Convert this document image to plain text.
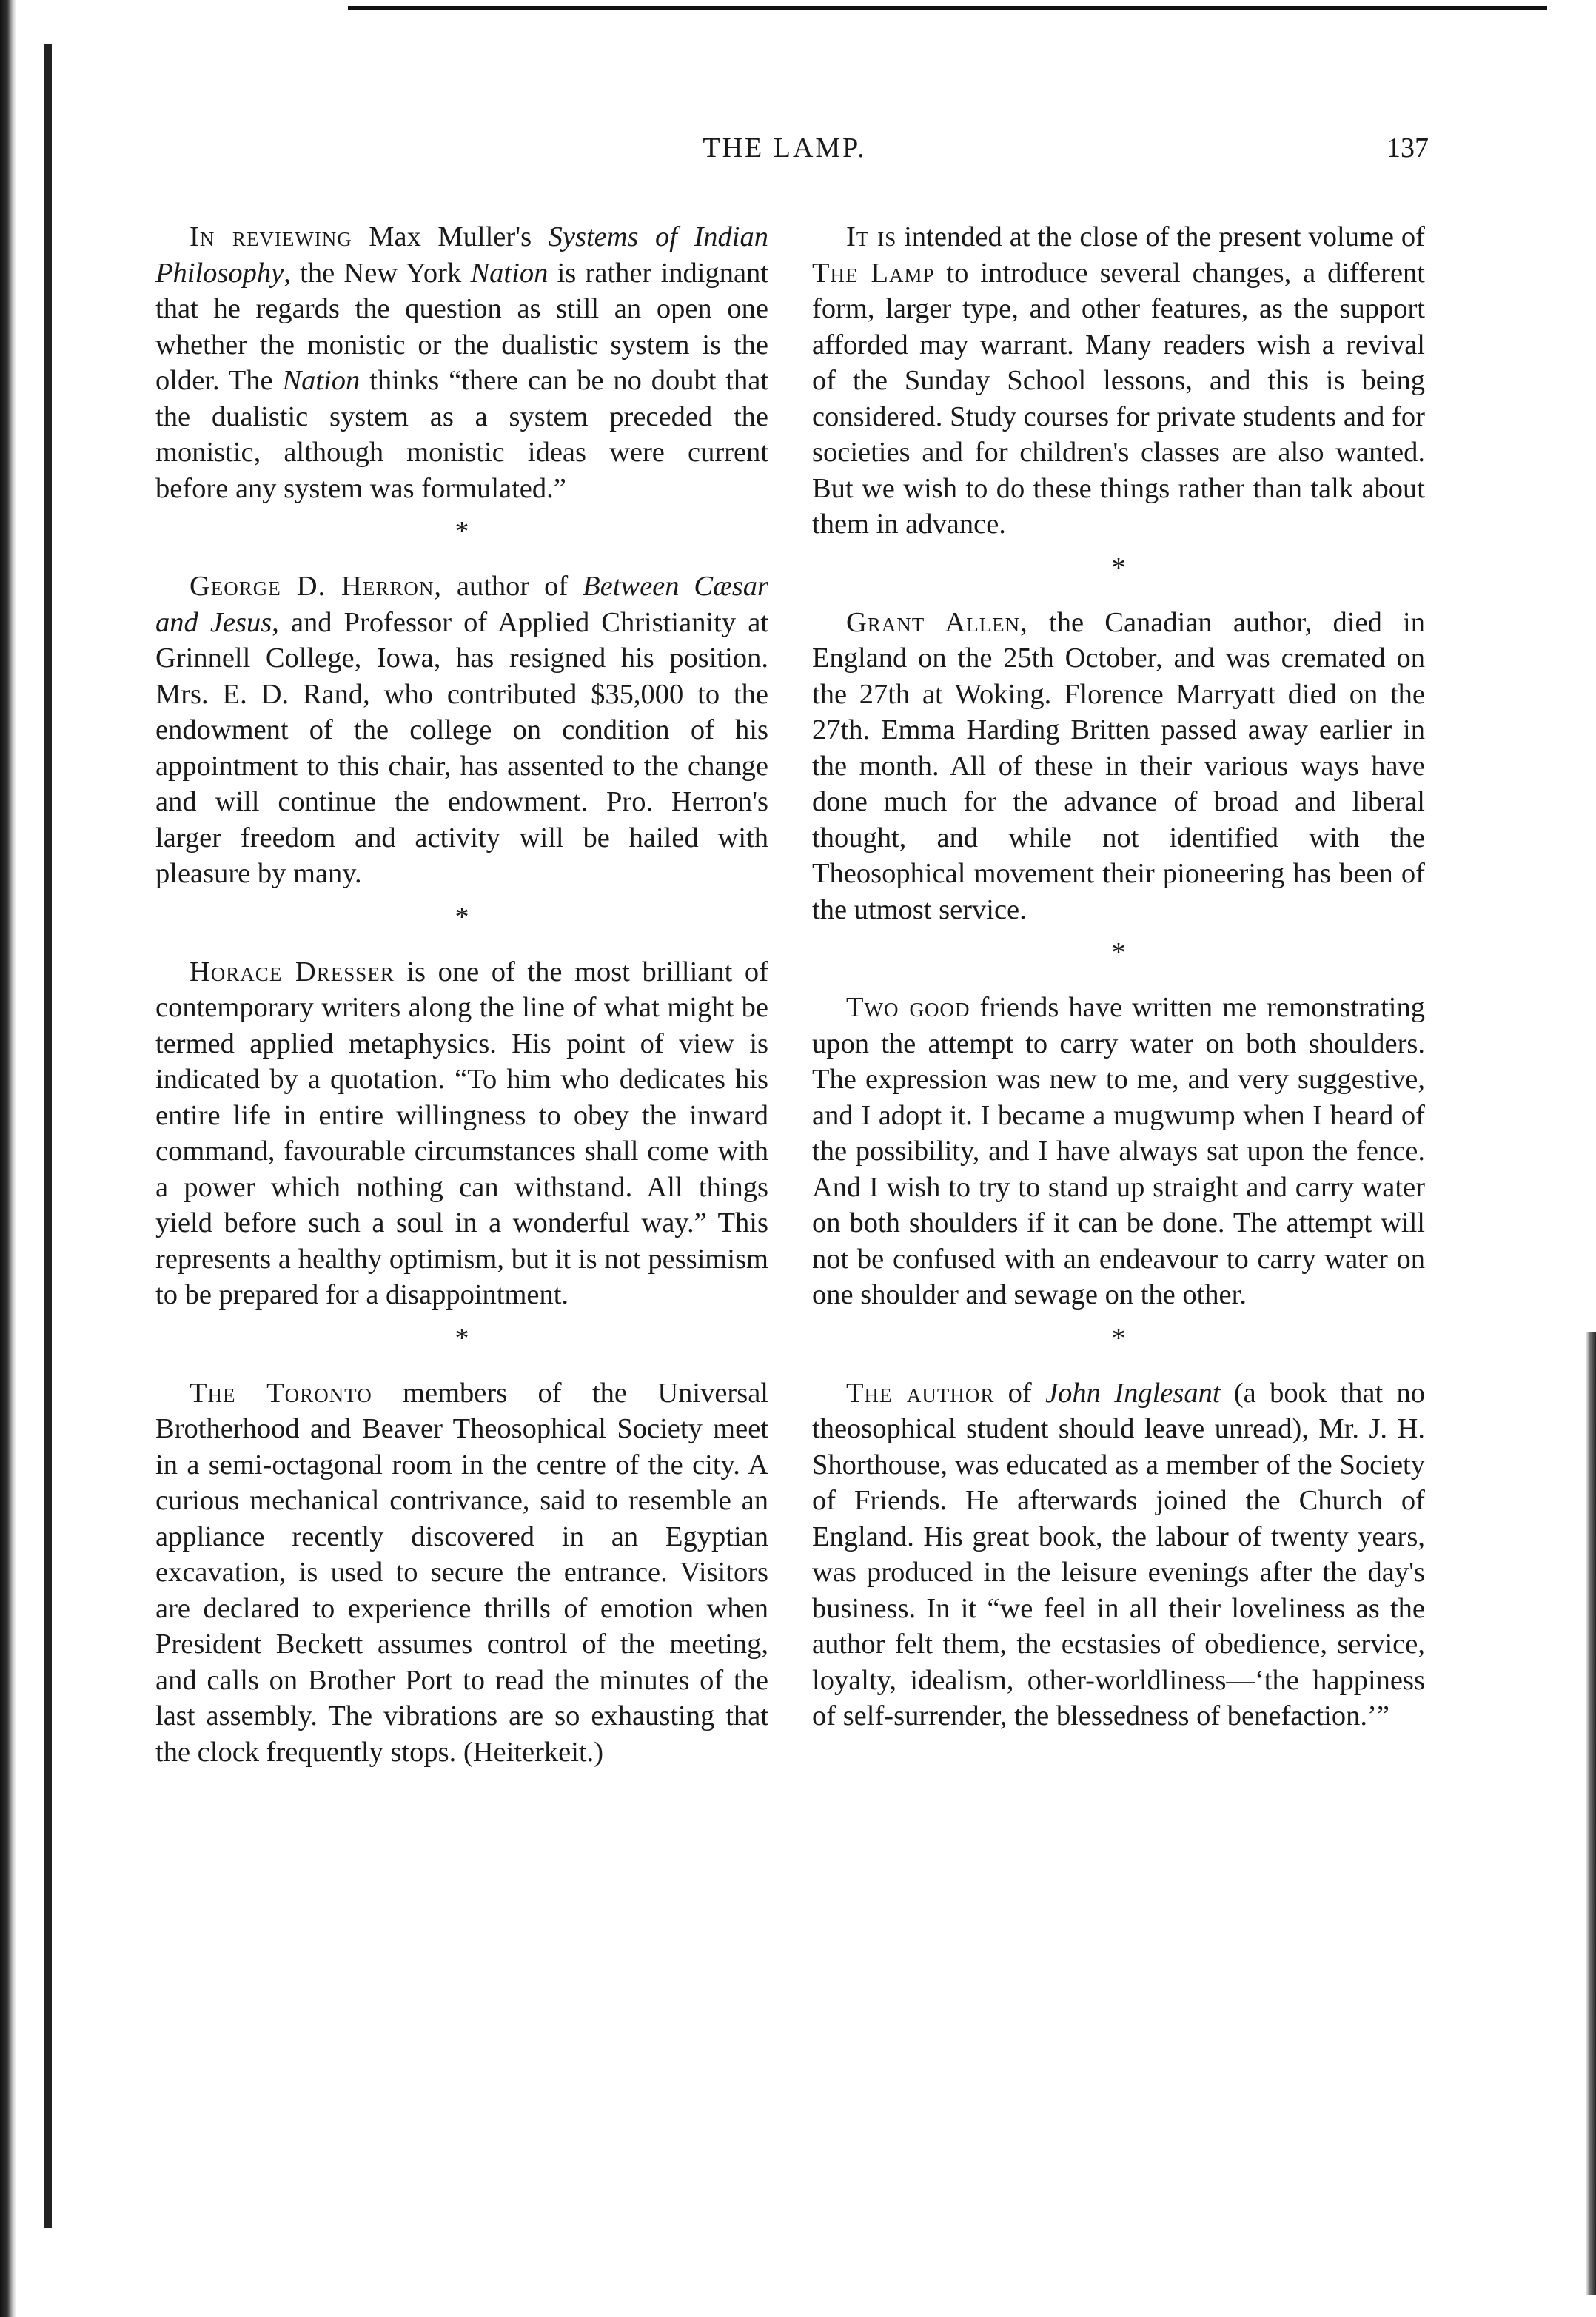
THE LAMP.	137

In reviewing Max Muller's Systems of Indian Philosophy, the New York Nation is rather indignant that he regards the question as still an open one whether the monistic or the dualistic system is the older. The Nation thinks “there can be no doubt that the dualistic system as a system preceded the monistic, although monistic ideas were current before any system was formulated.”

*

George D. Herron, author of Between Cæsar and Jesus, and Professor of Applied Christianity at Grinnell College, Iowa, has resigned his position. Mrs. E. D. Rand, who contributed $35,000 to the endowment of the college on condition of his appointment to this chair, has assented to the change and will continue the endowment. Pro. Herron's larger freedom and activity will be hailed with pleasure by many.

*

Horace Dresser is one of the most brilliant of contemporary writers along the line of what might be termed applied metaphysics. His point of view is indicated by a quotation. “To him who dedicates his entire life in entire willingness to obey the inward command, favourable circumstances shall come with a power which nothing can withstand. All things yield before such a soul in a wonderful way.” This represents a healthy optimism, but it is not pessimism to be prepared for a disappointment.

*

The Toronto members of the Universal Brotherhood and Beaver Theosophical Society meet in a semi-octagonal room in the centre of the city. A curious mechanical contrivance, said to resemble an appliance recently discovered in an Egyptian excavation, is used to secure the entrance. Visitors are declared to experience thrills of emotion when President Beckett assumes control of the meeting, and calls on Brother Port to read the minutes of the last assembly. The vibrations are so exhausting that the clock frequently stops. (Heiterkeit.)

It is intended at the close of the present volume of The Lamp to introduce several changes, a different form, larger type, and other features, as the support afforded may warrant. Many readers wish a revival of the Sunday School lessons, and this is being considered. Study courses for private students and for societies and for children's classes are also wanted. But we wish to do these things rather than talk about them in advance.

*

Grant Allen, the Canadian author, died in England on the 25th October, and was cremated on the 27th at Woking. Florence Marryatt died on the 27th. Emma Harding Britten passed away earlier in the month. All of these in their various ways have done much for the advance of broad and liberal thought, and while not identified with the Theosophical movement their pioneering has been of the utmost service.

*

Two good friends have written me remonstrating upon the attempt to carry water on both shoulders. The expression was new to me, and very suggestive, and I adopt it. I became a mugwump when I heard of the possibility, and I have always sat upon the fence. And I wish to try to stand up straight and carry water on both shoulders if it can be done. The attempt will not be confused with an endeavour to carry water on one shoulder and sewage on the other.

*

The author of John Inglesant (a book that no theosophical student should leave unread), Mr. J. H. Shorthouse, was educated as a member of the Society of Friends. He afterwards joined the Church of England. His great book, the labour of twenty years, was produced in the leisure evenings after the day's business. In it “we feel in all their loveliness as the author felt them, the ecstasies of obedience, service, loyalty, idealism, other-worldliness—‘the happiness of self-surrender, the blessedness of benefaction.’”
